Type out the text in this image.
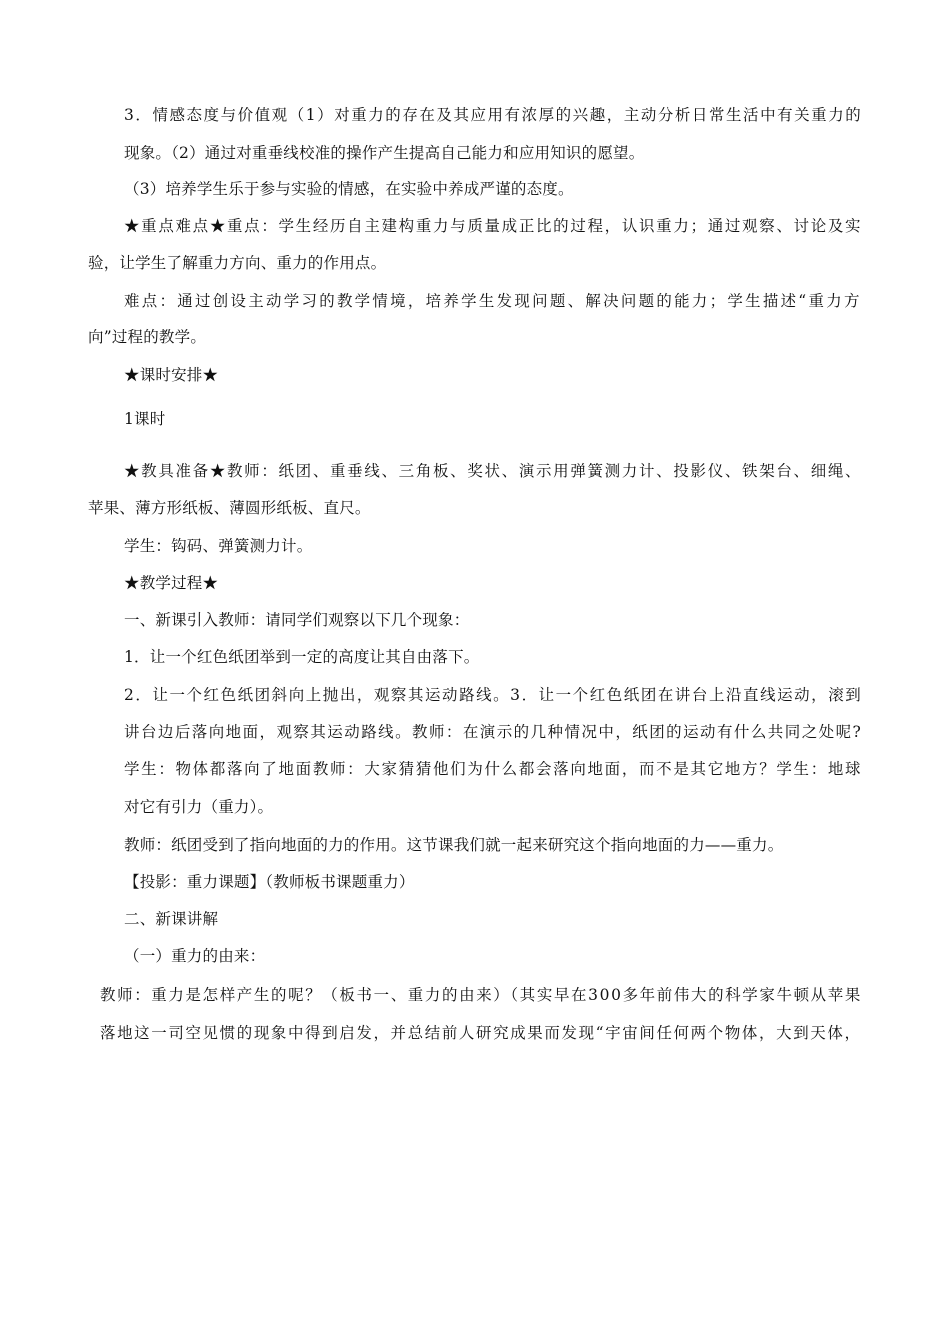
3．情感态度与价值观（1）对重力的存在及其应用有浓厚的兴趣，主动分析日常生活中有关重力的
现象。（2）通过对重垂线校准的操作产生提高自己能力和应用知识的愿望。
（3）培养学生乐于参与实验的情感，在实验中养成严谨的态度。
★重点难点★重点：学生经历自主建构重力与质量成正比的过程，认识重力；通过观察、讨论及实
验，让学生了解重力方向、重力的作用点。
难点：通过创设主动学习的教学情境，培养学生发现问题、解决问题的能力；学生描述“重力方
向”过程的教学。
★课时安排★
1课时
★教具准备★教师：纸团、重垂线、三角板、奖状、演示用弹簧测力计、投影仪、铁架台、细绳、
苹果、薄方形纸板、薄圆形纸板、直尺。
学生：钩码、弹簧测力计。
★教学过程★
一、新课引入教师：请同学们观察以下几个现象：
1．让一个红色纸团举到一定的高度让其自由落下。
2．让一个红色纸团斜向上抛出，观察其运动路线。3．让一个红色纸团在讲台上沿直线运动，滚到
讲台边后落向地面，观察其运动路线。教师：在演示的几种情况中，纸团的运动有什么共同之处呢?
学生：物体都落向了地面教师：大家猜猜他们为什么都会落向地面，而不是其它地方？学生：地球
对它有引力（重力）。
教师：纸团受到了指向地面的力的作用。这节课我们就一起来研究这个指向地面的力——重力。
【投影：重力课题】（教师板书课题重力）
二、新课讲解
（一）重力的由来：
教师：重力是怎样产生的呢？（板书一、重力的由来）（其实早在300多年前伟大的科学家牛顿从苹果
落地这一司空见惯的现象中得到启发，并总结前人研究成果而发现“宇宙间任何两个物体，大到天体，
